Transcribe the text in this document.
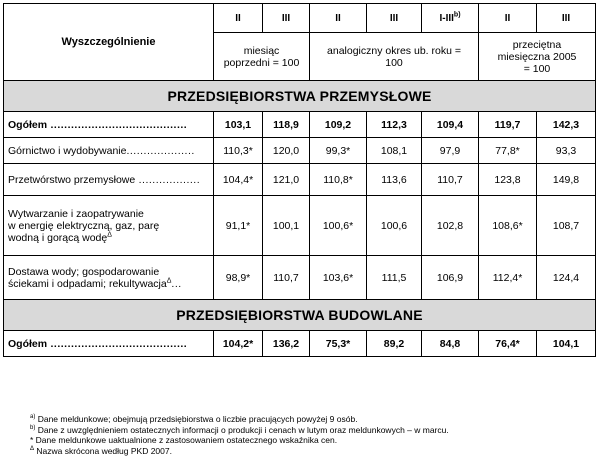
Wyszczególnienie	II	III	II	III	I-III$^{b)}$	II	III

	miesiąc poprzedni = 100		analogiczny okres ub. roku = 100			przeciętna miesięczna 2005 = 100	

PRZEDSIĘBIORSTWA PRZEMYSŁOWE							
Ogółem ........................................	103,1	118,9	109,2	112,3	109,4	119,7	142,3
Górnictwo i wydobywanie....................	110,3*	120,0	99,3*	108,1	97,9	77,8*	93,3
Przetwórstwo przemysłowe ..................	104,4*	121,0	110,8*	113,6	110,7	123,8	149,8
Wytwarzanie i zaopatrywanie
w energię elektryczną, gaz, parę
wodną i gorącą wodę$^\Delta$	91,1*	100,1	100,6*	100,6	102,8	108,6*	108,7
Dostawa wody; gospodarowanie
ściekami i odpadami; rekultywacja$^\Delta$...	98,9*	110,7	103,6*	111,5	106,9	112,4*	124,4
PRZEDSIĘBIORSTWA BUDOWLANE							
Ogółem ........................................	104,2*	136,2	75,3*	89,2	84,8	76,4*	104,1
$^{a)}$ Dane meldunkowe; obejmują przedsiębiorstwa o liczbie pracujących powyżej 9 osób.
$^{b)}$ Dane z uwzględnieniem ostatecznych informacji o produkcji i cenach w lutym oraz meldunkowych – w marcu.
* Dane meldunkowe uaktualnione z zastosowaniem ostatecznego wskaźnika cen.
$^\Delta$ Nazwa skrócona według PKD 2007.
